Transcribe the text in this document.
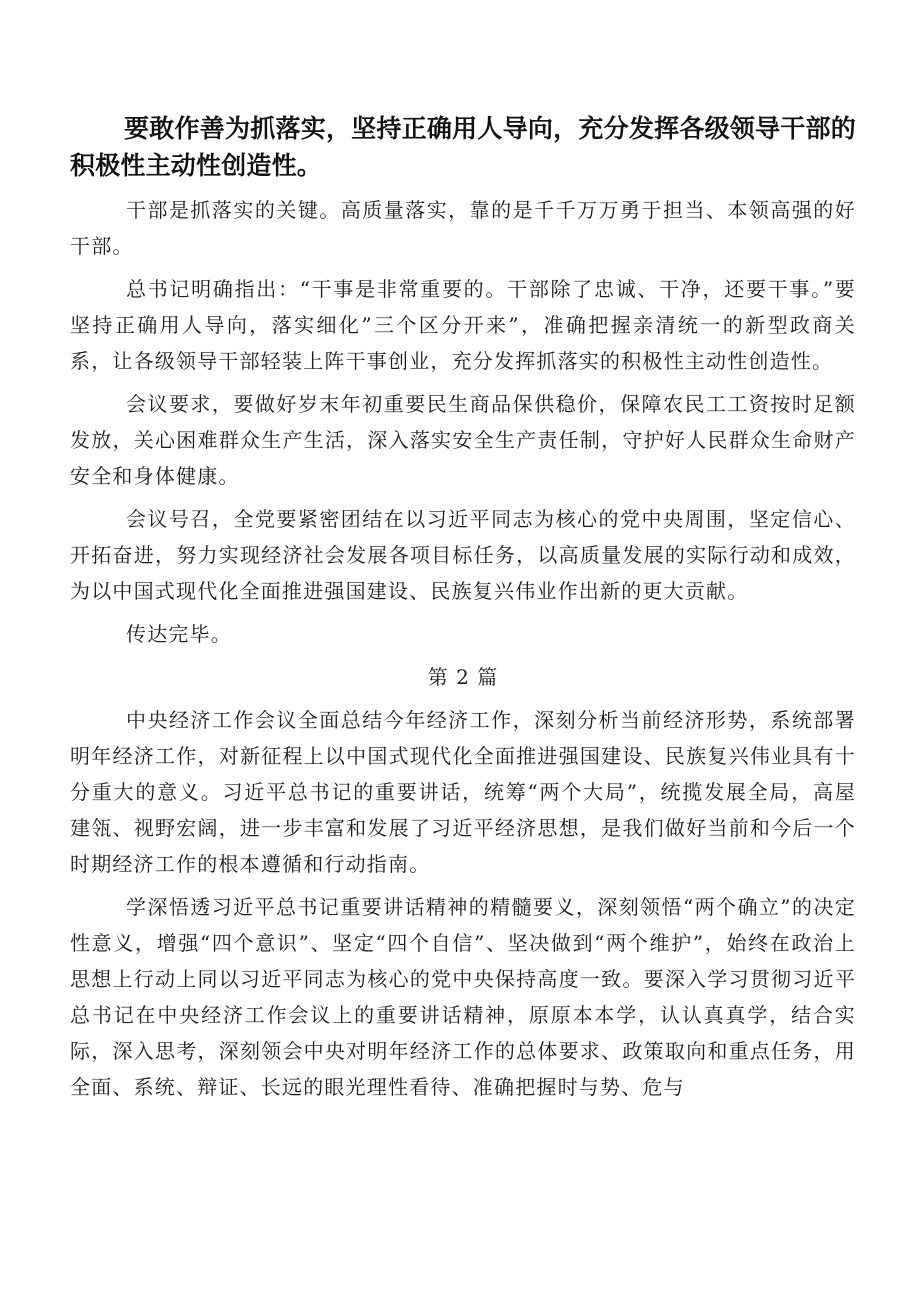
要敢作善为抓落实，坚持正确用人导向，充分发挥各级领导干部的积极性主动性创造性。

干部是抓落实的关键。高质量落实，靠的是千千万万勇于担当、本领高强的好干部。

总书记明确指出：“干事是非常重要的。干部除了忠诚、干净，还要干事。”要坚持正确用人导向，落实细化”三个区分开来”，准确把握亲清统一的新型政商关系，让各级领导干部轻装上阵干事创业，充分发挥抓落实的积极性主动性创造性。

会议要求，要做好岁末年初重要民生商品保供稳价，保障农民工工资按时足额发放，关心困难群众生产生活，深入落实安全生产责任制，守护好人民群众生命财产安全和身体健康。

会议号召，全党要紧密团结在以习近平同志为核心的党中央周围，坚定信心、开拓奋进，努力实现经济社会发展各项目标任务，以高质量发展的实际行动和成效，为以中国式现代化全面推进强国建设、民族复兴伟业作出新的更大贡献。

传达完毕。

第 2 篇

中央经济工作会议全面总结今年经济工作，深刻分析当前经济形势，系统部署明年经济工作，对新征程上以中国式现代化全面推进强国建设、民族复兴伟业具有十分重大的意义。习近平总书记的重要讲话，统筹“两个大局”，统揽发展全局，高屋建瓴、视野宏阔，进一步丰富和发展了习近平经济思想，是我们做好当前和今后一个时期经济工作的根本遵循和行动指南。

学深悟透习近平总书记重要讲话精神的精髓要义，深刻领悟“两个确立”的决定性意义，增强“四个意识”、坚定“四个自信”、坚决做到“两个维护”，始终在政治上思想上行动上同以习近平同志为核心的党中央保持高度一致。要深入学习贯彻习近平总书记在中央经济工作会议上的重要讲话精神，原原本本学，认认真真学，结合实际，深入思考，深刻领会中央对明年经济工作的总体要求、政策取向和重点任务，用全面、系统、辩证、长远的眼光理性看待、准确把握时与势、危与
